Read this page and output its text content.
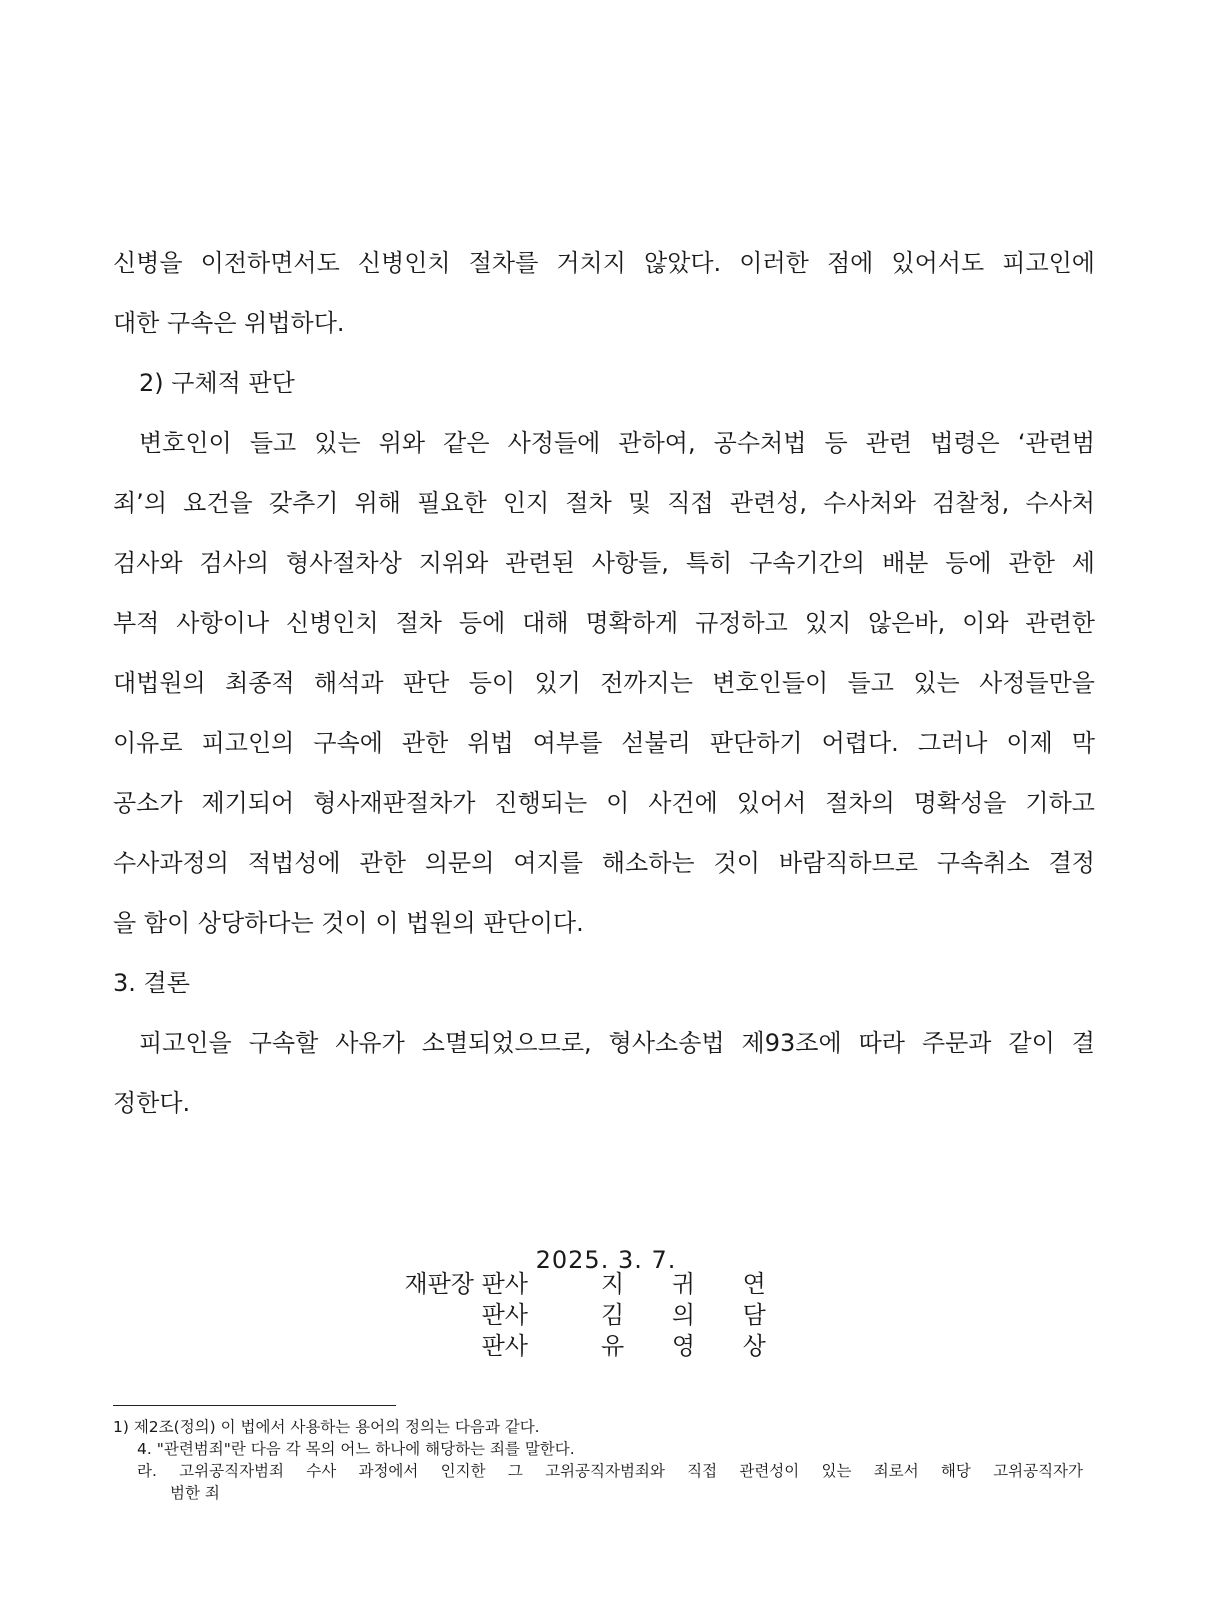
신병을 이전하면서도 신병인치 절차를 거치지 않았다. 이러한 점에 있어서도 피고인에
대한 구속은 위법하다.
2) 구체적 판단
변호인이 들고 있는 위와 같은 사정들에 관하여, 공수처법 등 관련 법령은 ‘관련범
죄’의 요건을 갖추기 위해 필요한 인지 절차 및 직접 관련성, 수사처와 검찰청, 수사처
검사와 검사의 형사절차상 지위와 관련된 사항들, 특히 구속기간의 배분 등에 관한 세
부적 사항이나 신병인치 절차 등에 대해 명확하게 규정하고 있지 않은바, 이와 관련한
대법원의 최종적 해석과 판단 등이 있기 전까지는 변호인들이 들고 있는 사정들만을
이유로 피고인의 구속에 관한 위법 여부를 섣불리 판단하기 어렵다. 그러나 이제 막
공소가 제기되어 형사재판절차가 진행되는 이 사건에 있어서 절차의 명확성을 기하고
수사과정의 적법성에 관한 의문의 여지를 해소하는 것이 바람직하므로 구속취소 결정
을 함이 상당하다는 것이 이 법원의 판단이다.
3. 결론
피고인을 구속할 사유가 소멸되었으므로, 형사소송법 제93조에 따라 주문과 같이 결
정한다.
2025. 3. 7.
재판장 판사	지 귀 연
판사	김 의 담
판사	유 영 상
1) 제2조(정의) 이 법에서 사용하는 용어의 정의는 다음과 같다.
4. "관련범죄"란 다음 각 목의 어느 하나에 해당하는 죄를 말한다.
라. 고위공직자범죄 수사 과정에서 인지한 그 고위공직자범죄와 직접 관련성이 있는 죄로서 해당 고위공직자가
범한 죄
